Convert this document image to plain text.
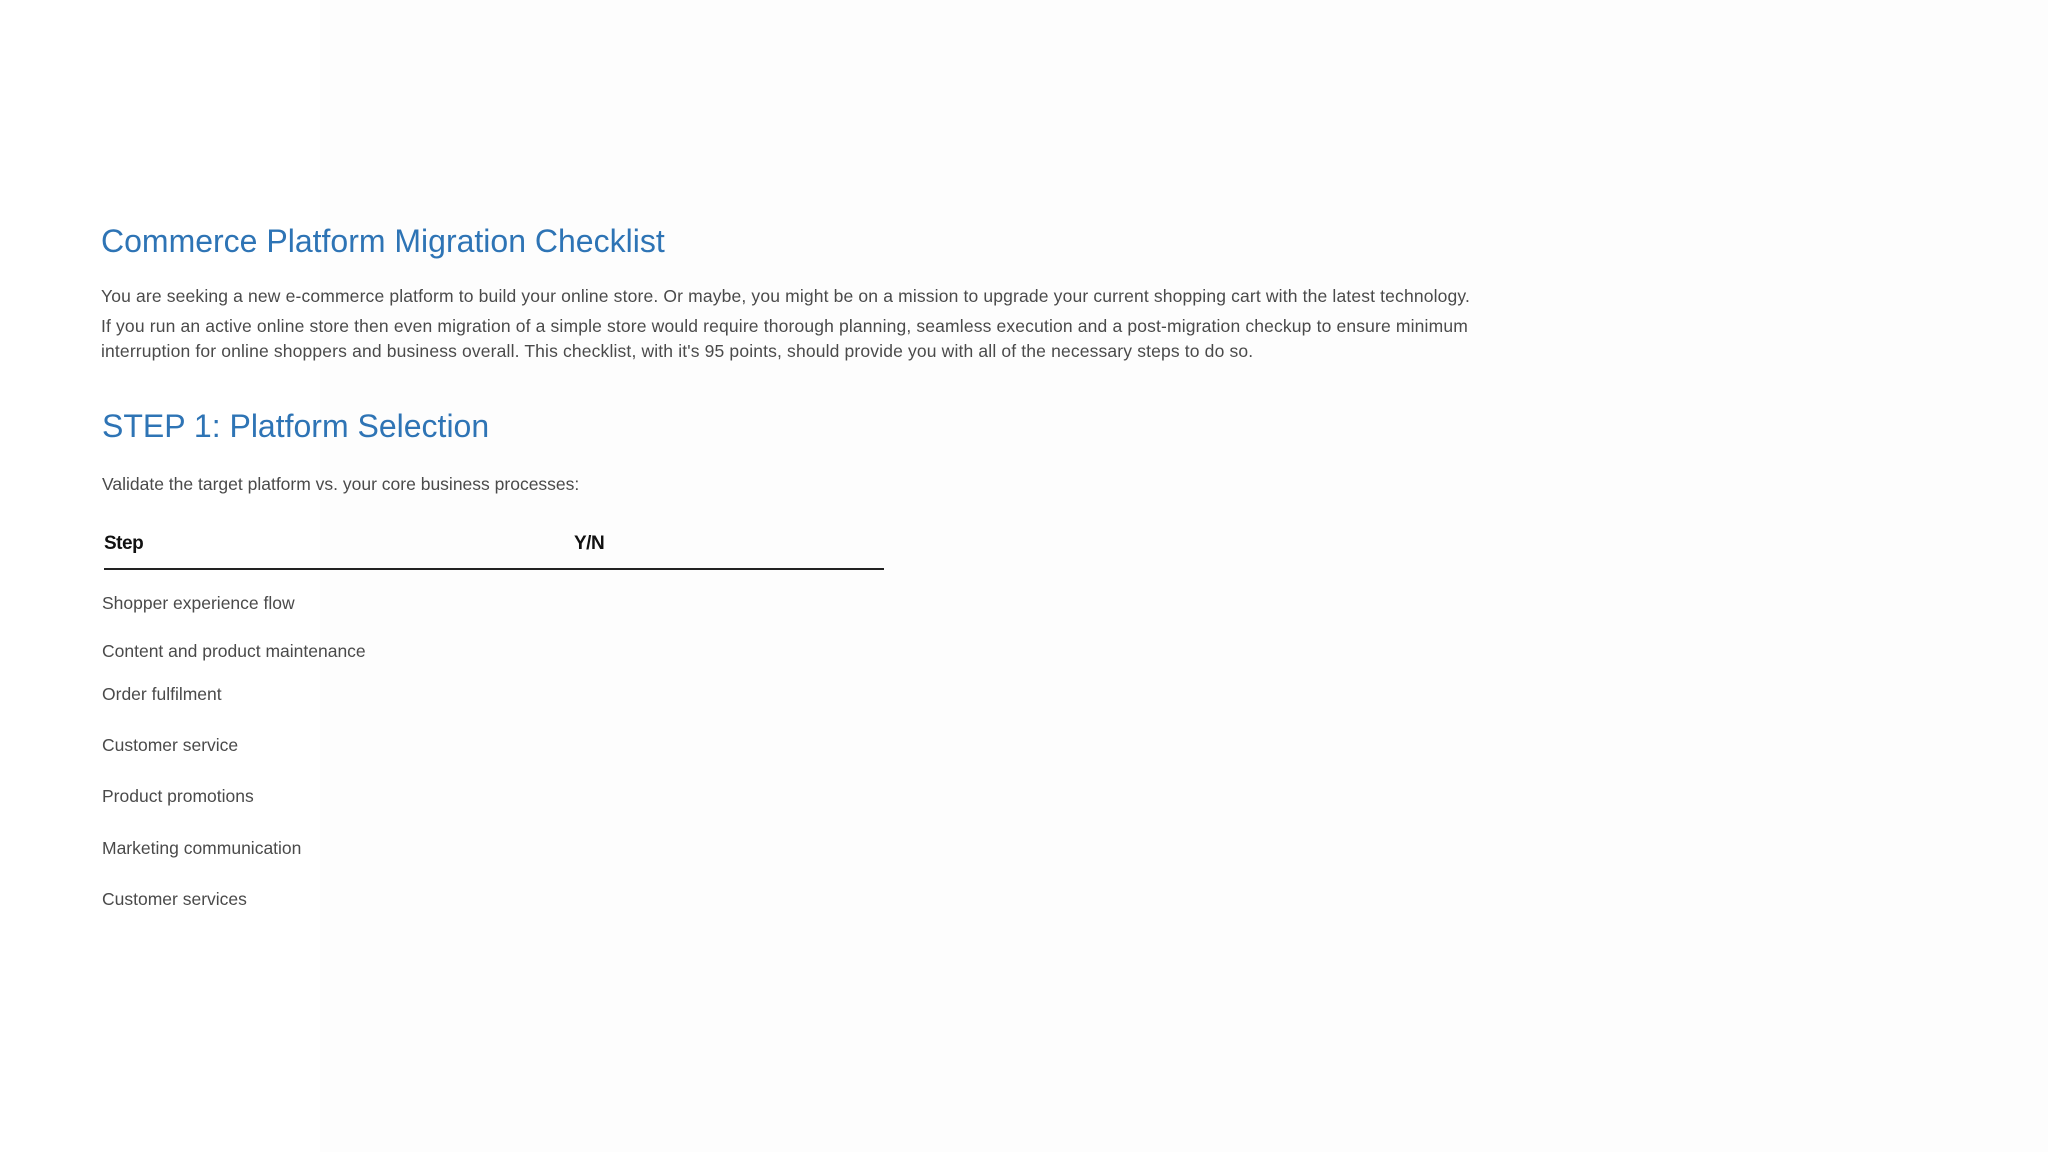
Commerce Platform Migration Checklist

You are seeking a new e-commerce platform to build your online store. Or maybe, you might be on a mission to upgrade your current shopping cart with the latest technology.

If you run an active online store then even migration of a simple store would require thorough planning, seamless execution and a post-migration checkup to ensure minimum

interruption for online shoppers and business overall. This checklist, with it's 95 points, should provide you with all of the necessary steps to do so.

STEP 1: Platform Selection

Validate the target platform vs. your core business processes:

Step	Y/N
Shopper experience flow
Content and product maintenance
Order fulfilment
Customer service
Product promotions
Marketing communication
Customer services
